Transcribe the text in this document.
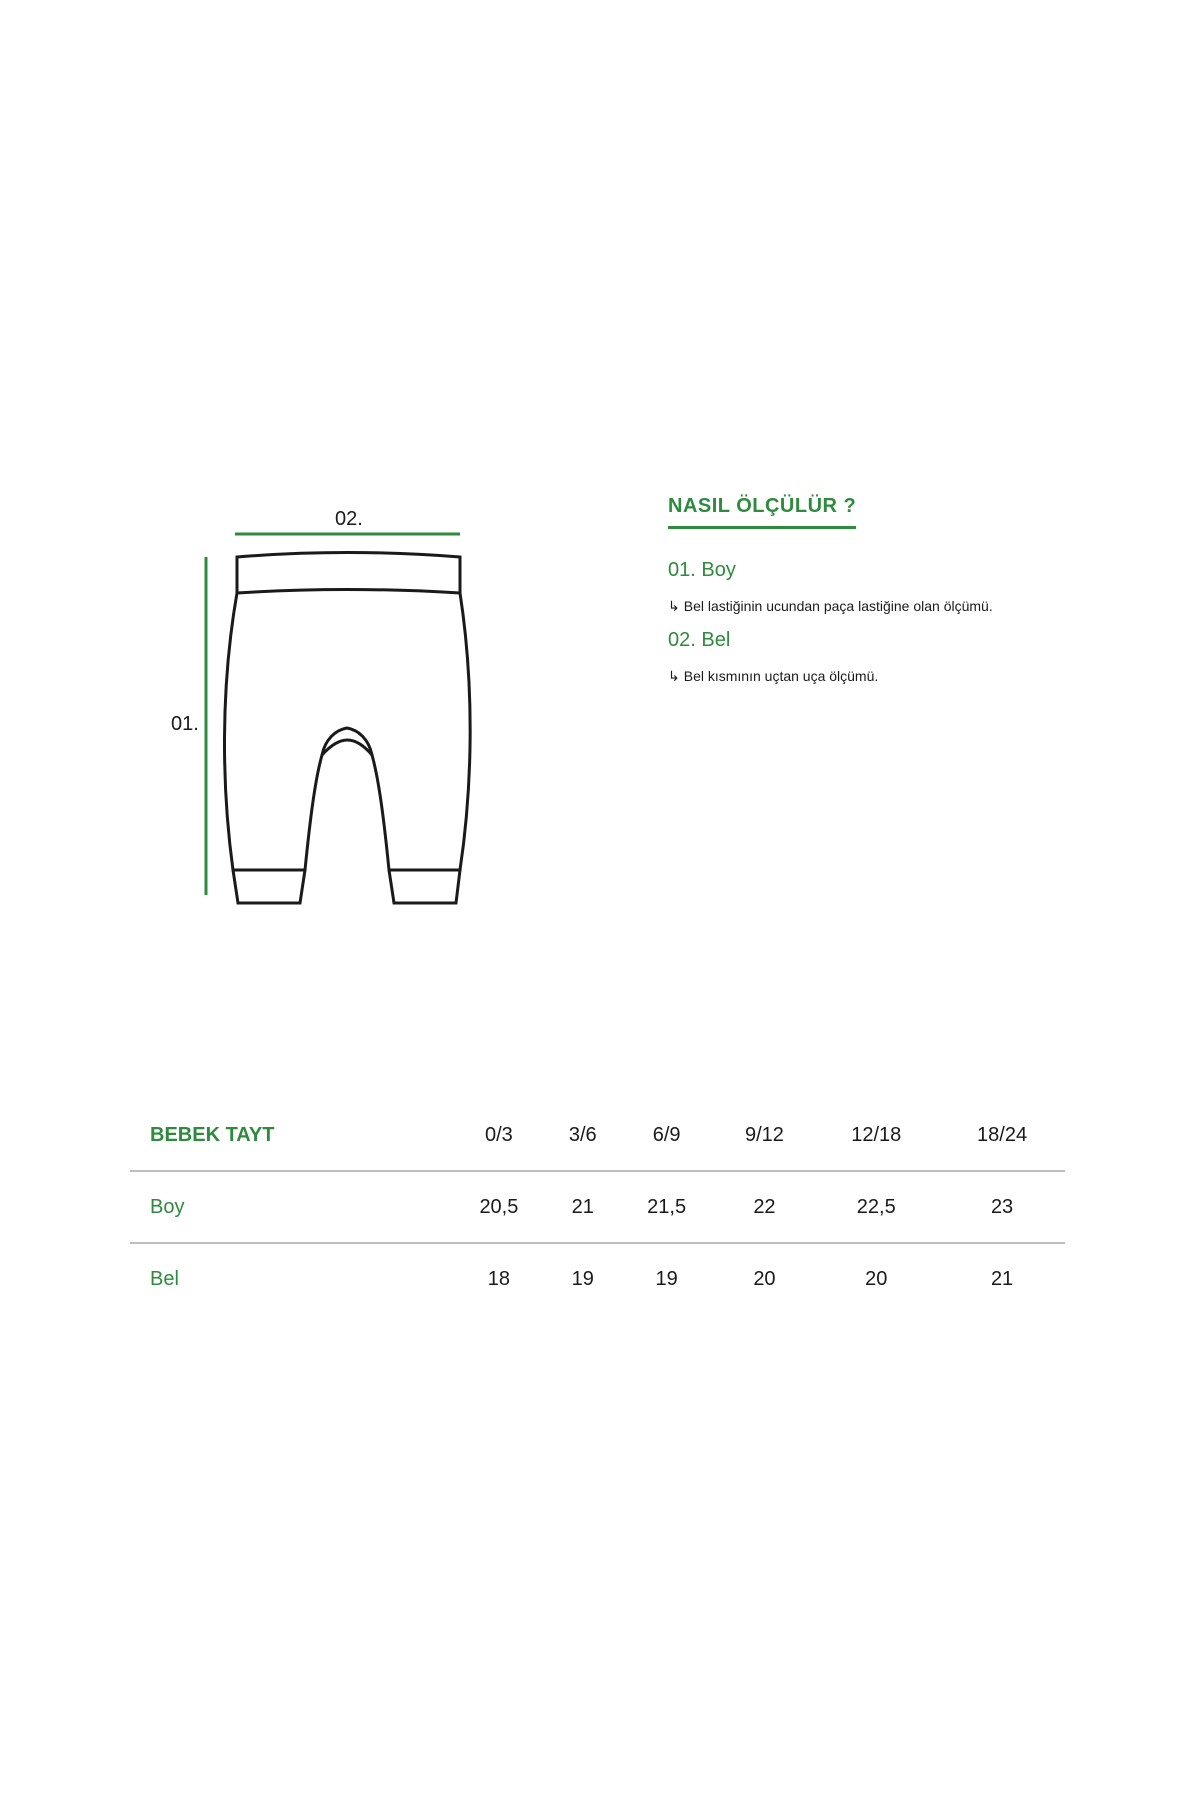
02.
01.
NASIL ÖLÇÜLÜR ?
01. Boy
↳ Bel lastiğinin ucundan paça lastiğine olan ölçümü.
02. Bel
↳ Bel kısmının uçtan uça ölçümü.
BEBEK TAYT	0/3	3/6	6/9	9/12	12/18	18/24
Boy	20,5	21	21,5	22	22,5	23
Bel	18	19	19	20	20	21
